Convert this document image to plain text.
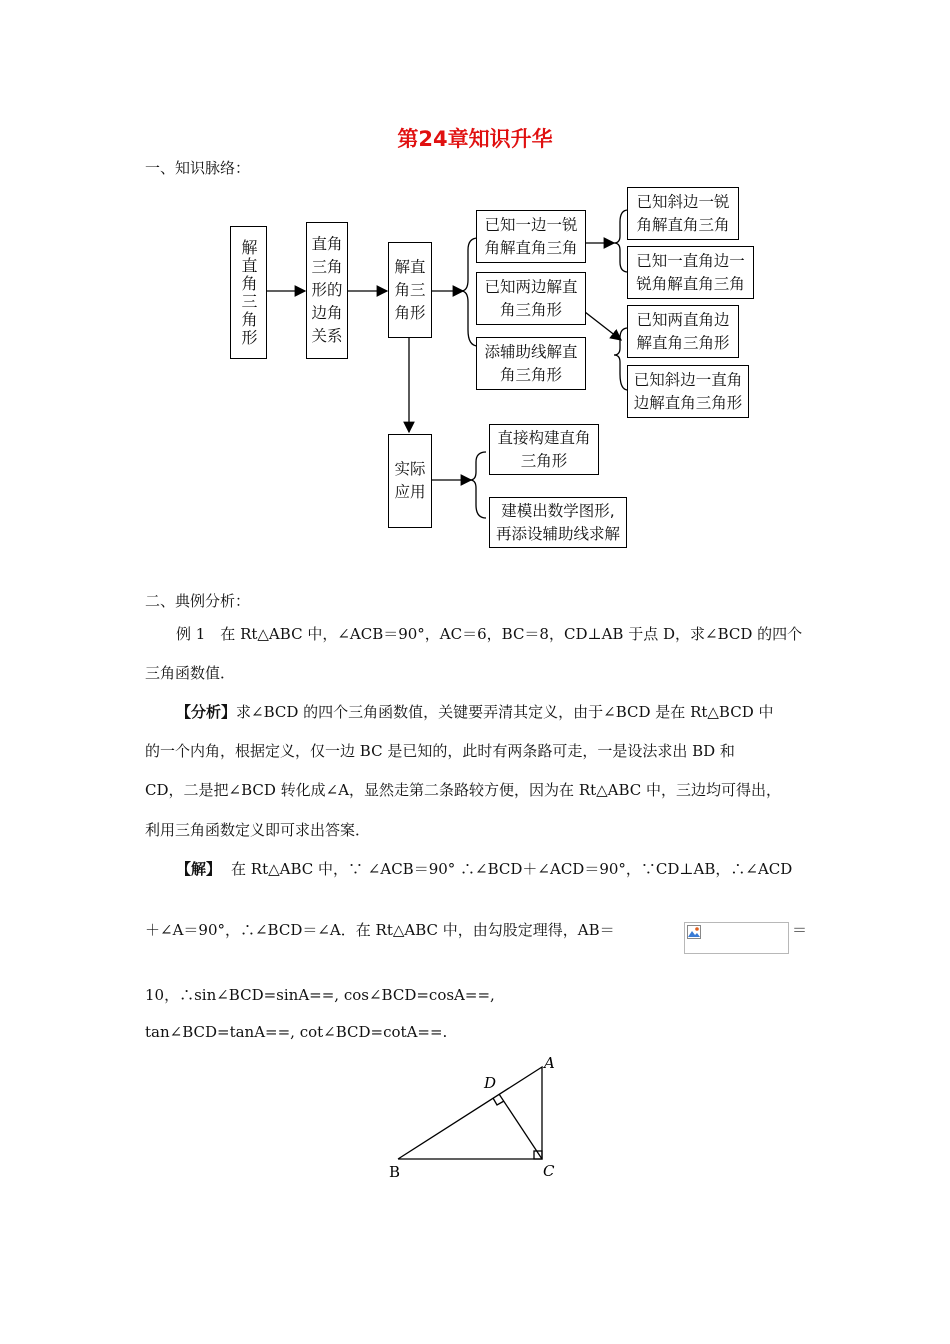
第24章知识升华
一、知识脉络：
解直角三角形	直角
三角
形的
边角
关系
解直
角三
角形
已知一边一锐
角解直角三角
已知两边解直
角三角形
添辅助线解直
角三角形
已知斜边一锐
角解直角三角
已知一直角边一
锐角解直角三角
已知两直角边
解直角三角形
已知斜边一直角
边解直角三角形
实际
应用
直接构建直角
三角形
建模出数学图形,
再添设辅助线求解
二、典例分析：
例 1　在 Rt△ABC 中，∠ACB＝90°，AC＝6，BC＝8，CD⊥AB 于点 D，求∠BCD 的四个
三角函数值．
【分析】求∠BCD 的四个三角函数值，关键要弄清其定义，由于∠BCD 是在 Rt△BCD 中
的一个内角，根据定义，仅一边 BC 是已知的，此时有两条路可走，一是设法求出 BD 和
CD，二是把∠BCD 转化成∠A，显然走第二条路较方便，因为在 Rt△ABC 中，三边均可得出，
利用三角函数定义即可求出答案．
【解】 在 Rt△ABC 中，∵ ∠ACB＝90° ∴∠BCD＋∠ACD＝90°，∵CD⊥AB，∴∠ACD
＋∠A＝90°，∴∠BCD＝∠A．在 Rt△ABC 中，由勾股定理得，AB＝	＝
10，∴sin∠BCD=sinA==, cos∠BCD=cosA==,
tan∠BCD=tanA==, cot∠BCD=cotA==.
A
B	C
D
